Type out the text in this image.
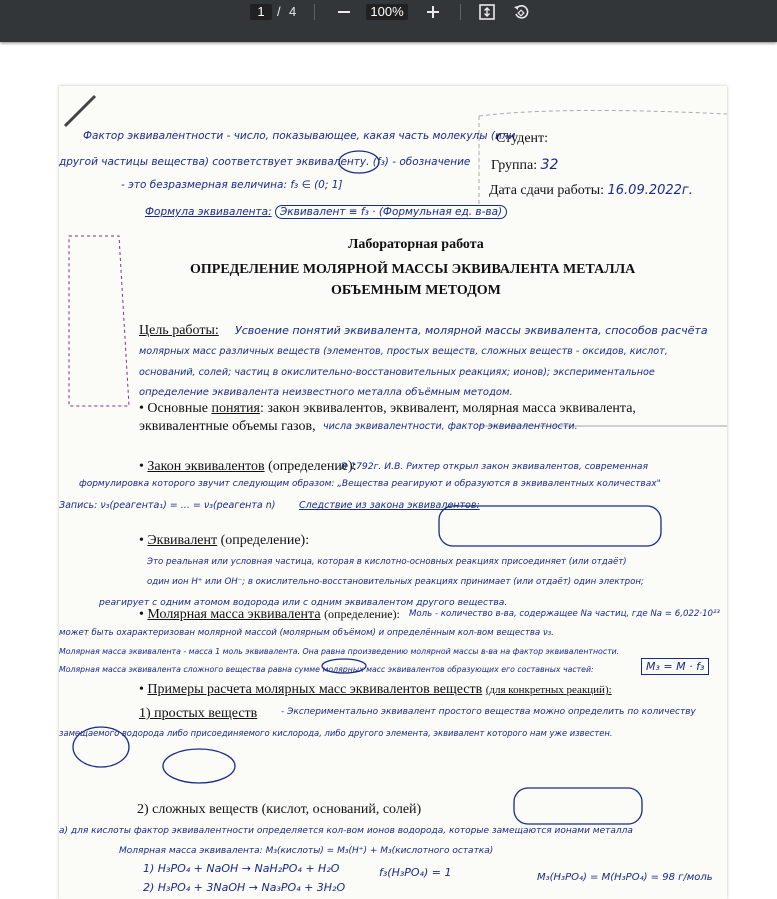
1 / 4	100%
Фактор эквивалентности - число, показывающее, какая часть молекулы (или
другой частицы вещества) соответствует эквиваленту. (f₃) - обозначение
- это безразмерная величина: f₃ ∈ (0; 1]
Формула эквивалента: Эквивалент ≡ f₃ · (Формульная ед. в-ва)
Студент:
Группа: 32
Дата сдачи работы: 16.09.2022г.
Лабораторная работа
ОПРЕДЕЛЕНИЕ МОЛЯРНОЙ МАССЫ ЭКВИВАЛЕНТА МЕТАЛЛА
ОБЪЕМНЫМ МЕТОДОМ
Цель работы: Усвоение понятий эквивалента, молярной массы эквивалента, способов расчёта
молярных масс различных веществ (элементов, простых веществ, сложных веществ - оксидов, кислот,
оснований, солей; частиц в окислительно-восстановительных реакциях; ионов); экспериментальное
определение эквивалента неизвестного металла объёмным методом.
• Основные понятия: закон эквивалентов, эквивалент, молярная масса эквивалента,
эквивалентные объемы газов, числа эквивалентности, фактор эквивалентности.
• Закон эквивалентов (определение):
В 1792г. И.В. Рихтер открыл закон эквивалентов, современная
формулировка которого звучит следующим образом: „Вещества реагируют и образуются в эквивалентных количествах"
Запись: ν₃(реагента₁) = ... = ν₃(реагента n) Следствие из закона эквивалентов:
• Эквивалент (определение):
Это реальная или условная частица, которая в кислотно-основных реакциях присоединяет (или отдаёт)
один ион H⁺ или OH⁻; в окислительно-восстановительных реакциях принимает (или отдаёт) один электрон;
реагирует с одним атомом водорода или с одним эквивалентом другого вещества.
• Молярная масса эквивалента (определение): Моль - количество в-ва, содержащее Na частиц, где Na = 6,022·10²³
может быть охарактеризован молярной массой (молярным объёмом) и определённым кол-вом вещества ν₃.
Молярная масса эквивалента - масса 1 моль эквивалента. Она равна произведению молярной массы в-ва на фактор эквивалентности.
Молярная масса эквивалента сложного вещества равна сумме молярных масс эквивалентов образующих его составных частей:	M₃ = M · f₃
• Примеры расчета молярных масс эквивалентов веществ (для конкретных реакций):
1) простых веществ	- Экспериментально эквивалент простого вещества можно определить по количеству
замещаемого водорода либо присоединяемого кислорода, либо другого элемента, эквивалент которого нам уже известен.
2) сложных веществ (кислот, оснований, солей)
а) для кислоты фактор эквивалентности определяется кол-вом ионов водорода, которые замещаются ионами металла
Молярная масса эквивалента: M₃(кислоты) = M₃(H⁺) + M₃(кислотного остатка)
1) H₃PO₄ + NaOH → NaH₂PO₄ + H₂O
2) H₃PO₄ + 3NaOH → Na₃PO₄ + 3H₂O
f₃(H₃PO₄) = 1	M₃(H₃PO₄) = M(H₃PO₄) = 98 г/моль
